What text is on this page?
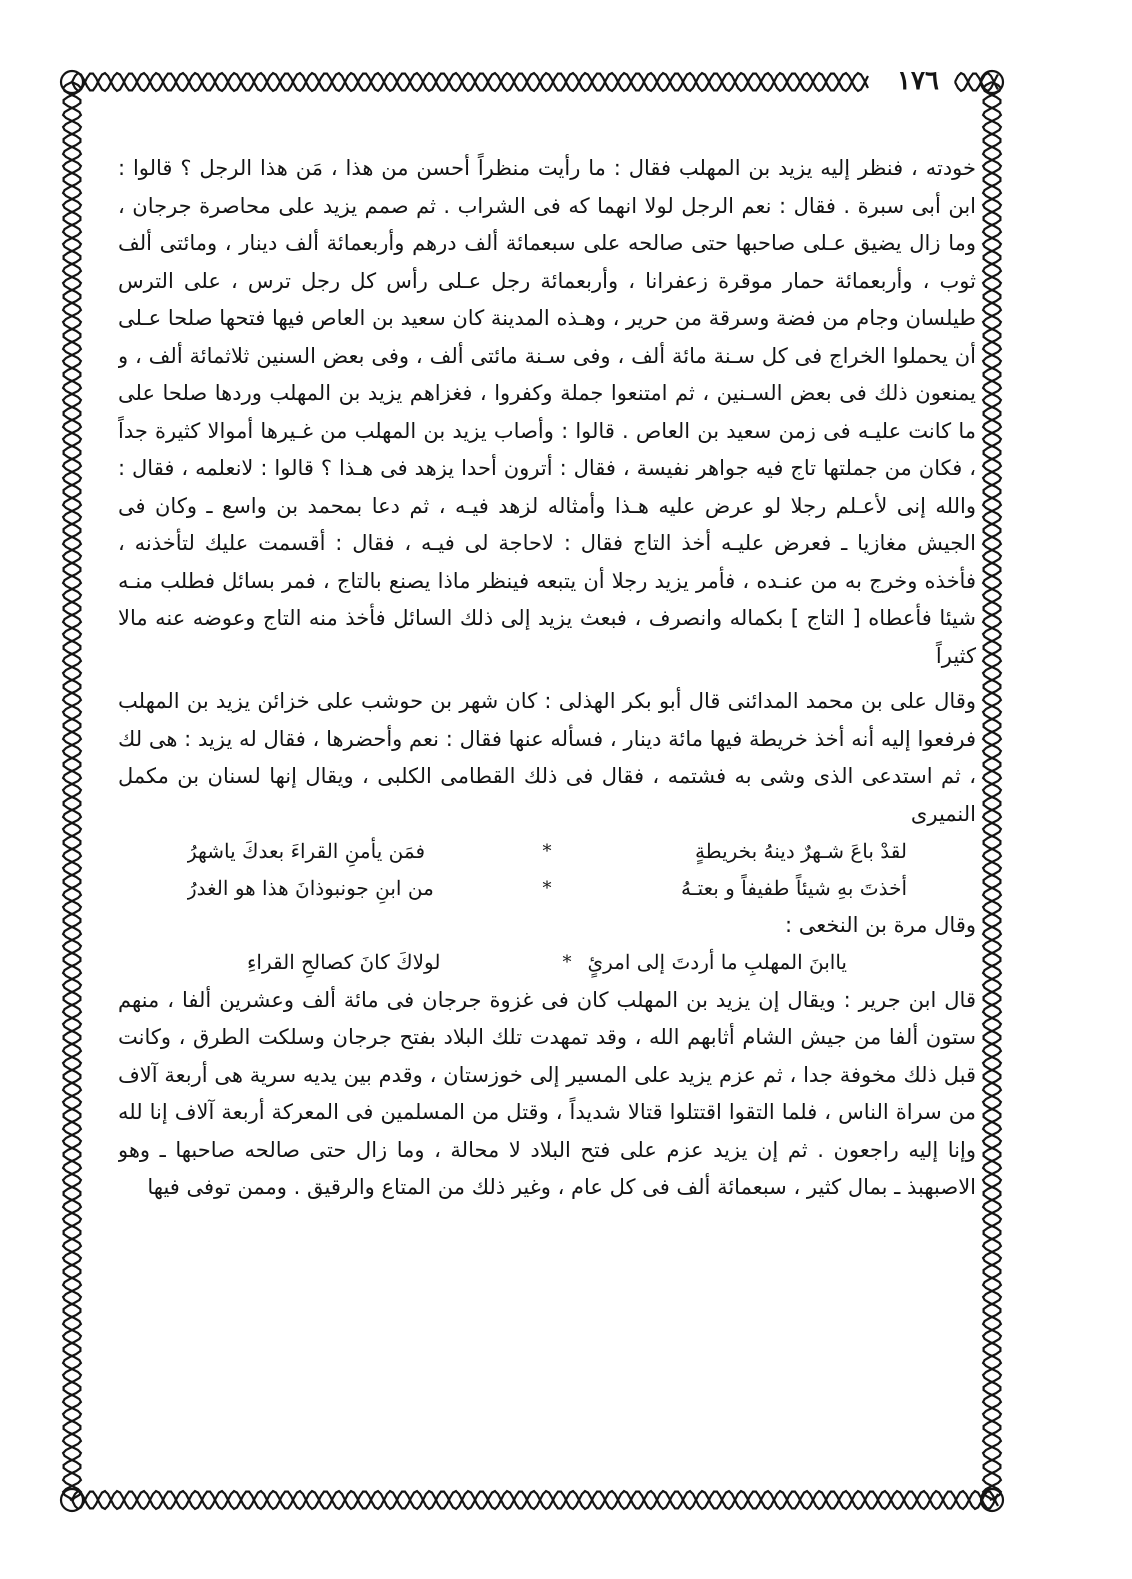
١٧٦

خودته ، فنظر إليه يزيد بن المهلب فقال : ما رأيت منظراً أحسن من هذا ، مَن هذا الرجل ؟ قالوا : ابن أبى سبرة . فقال : نعم الرجل لولا انهما كه فى الشراب . ثم صمم يزيد على محاصرة جرجان ، وما زال يضيق عـلى صاحبها حتى صالحه على سبعمائة ألف درهم وأربعمائة ألف دينار ، ومائتى ألف ثوب ، وأربعمائة حمار موقرة زعفرانا ، وأربعمائة رجل عـلى رأس كل رجل ترس ، على الترس طيلسان وجام من فضة وسرقة من حرير ، وهـذه المدينة كان سعيد بن العاص فيها فتحها صلحا عـلى أن يحملوا الخراج فى كل سـنة مائة ألف ، وفى سـنة مائتى ألف ، وفى بعض السنين ثلاثمائة ألف ، و يمنعون ذلك فى بعض السـنين ، ثم امتنعوا جملة وكفروا ، فغزاهم يزيد بن المهلب وردها صلحا على ما كانت عليـه فى زمن سعيد بن العاص . قالوا : وأصاب يزيد بن المهلب من غـيرها أموالا كثيرة جداً ، فكان من جملتها تاج فيه جواهر نفيسة ، فقال : أترون أحدا يزهد فى هـذا ؟ قالوا : لانعلمه ، فقال : والله إنى لأعـلم رجلا لو عرض عليه هـذا وأمثاله لزهد فيـه ، ثم دعا بمحمد بن واسع ـ وكان فى الجيش مغازيا ـ فعرض عليـه أخذ التاج فقال : لاحاجة لى فيـه ، فقال : أقسمت عليك لتأخذنه ، فأخذه وخرج به من عنـده ، فأمر يزيد رجلا أن يتبعه فينظر ماذا يصنع بالتاج ، فمر بسائل فطلب منـه شيئا فأعطاه [ التاج ] بكماله وانصرف ، فبعث يزيد إلى ذلك السائل فأخذ منه التاج وعوضه عنه مالا كثيراً

وقال على بن محمد المدائنى قال أبو بكر الهذلى : كان شهر بن حوشب على خزائن يزيد بن المهلب فرفعوا إليه أنه أخذ خريطة فيها مائة دينار ، فسأله عنها فقال : نعم وأحضرها ، فقال له يزيد : هى لك ، ثم استدعى الذى وشى به فشتمه ، فقال فى ذلك القطامى الكلبى ، ويقال إنها لسنان بن مكمل النميرى

لقدْ باعَ شـهرٌ دينهُ بخريطةٍ
*
فمَن يأمنِ القراءَ بعدكَ ياشهرُ
أخذتَ بهِ شيئاً طفيفاً و بعتـهُ
*
من ابنِ جونبوذانَ هذا هو الغدرُ

وقال مرة بن النخعى :

ياابنَ المهلبِ ما أردتَ إلى امرئٍ
*
لولاكَ كانَ كصالحِ القراءِ

قال ابن جرير : ويقال إن يزيد بن المهلب كان فى غزوة جرجان فى مائة ألف وعشرين ألفا ، منهم ستون ألفا من جيش الشام أثابهم الله ، وقد تمهدت تلك البلاد بفتح جرجان وسلكت الطرق ، وكانت قبل ذلك مخوفة جدا ، ثم عزم يزيد على المسير إلى خوزستان ، وقدم بين يديه سرية هى أربعة آلاف من سراة الناس ، فلما التقوا اقتتلوا قتالا شديداً ، وقتل من المسلمين فى المعركة أربعة آلاف إنا لله وإنا إليه راجعون . ثم إن يزيد عزم على فتح البلاد لا محالة ، وما زال حتى صالحه صاحبها ـ وهو الاصبهبذ ـ بمال كثير ، سبعمائة ألف فى كل عام ، وغير ذلك من المتاع والرقيق . وممن توفى فيها
